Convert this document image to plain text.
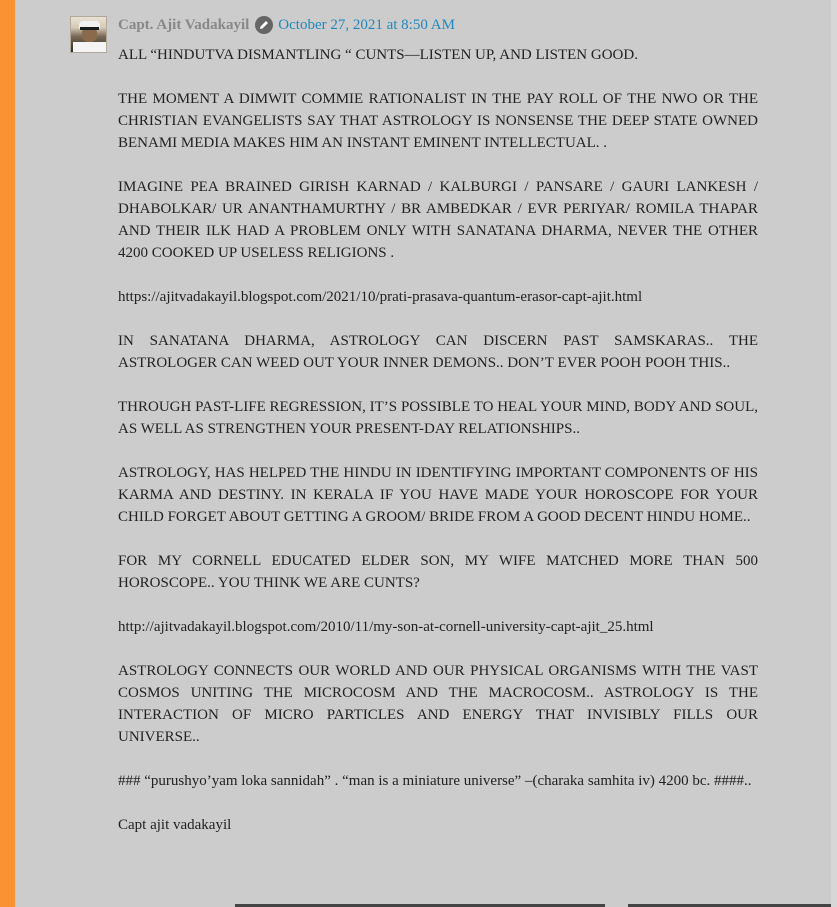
Capt. Ajit Vadakayil October 27, 2021 at 8:50 AM

ALL “HINDUTVA DISMANTLING “ CUNTS—LISTEN UP, AND LISTEN GOOD.

THE MOMENT A DIMWIT COMMIE RATIONALIST IN THE PAY ROLL OF THE NWO OR THE CHRISTIAN EVANGELISTS SAY THAT ASTROLOGY IS NONSENSE THE DEEP STATE OWNED BENAMI MEDIA MAKES HIM AN INSTANT EMINENT INTELLECTUAL. .

IMAGINE PEA BRAINED GIRISH KARNAD / KALBURGI / PANSARE / GAURI LANKESH / DHABOLKAR/ UR ANANTHAMURTHY / BR AMBEDKAR / EVR PERIYAR/ ROMILA THAPAR AND THEIR ILK HAD A PROBLEM ONLY WITH SANATANA DHARMA, NEVER THE OTHER 4200 COOKED UP USELESS RELIGIONS .

https://ajitvadakayil.blogspot.com/2021/10/prati-prasava-quantum-erasor-capt-ajit.html

IN SANATANA DHARMA, ASTROLOGY CAN DISCERN PAST SAMSKARAS.. THE ASTROLOGER CAN WEED OUT YOUR INNER DEMONS.. DON’T EVER POOH POOH THIS..

THROUGH PAST-LIFE REGRESSION, IT’S POSSIBLE TO HEAL YOUR MIND, BODY AND SOUL, AS WELL AS STRENGTHEN YOUR PRESENT-DAY RELATIONSHIPS..

ASTROLOGY, HAS HELPED THE HINDU IN IDENTIFYING IMPORTANT COMPONENTS OF HIS KARMA AND DESTINY. IN KERALA IF YOU HAVE MADE YOUR HOROSCOPE FOR YOUR CHILD FORGET ABOUT GETTING A GROOM/ BRIDE FROM A GOOD DECENT HINDU HOME..

FOR MY CORNELL EDUCATED ELDER SON, MY WIFE MATCHED MORE THAN 500 HOROSCOPE.. YOU THINK WE ARE CUNTS?

http://ajitvadakayil.blogspot.com/2010/11/my-son-at-cornell-university-capt-ajit_25.html

ASTROLOGY CONNECTS OUR WORLD AND OUR PHYSICAL ORGANISMS WITH THE VAST COSMOS UNITING THE MICROCOSM AND THE MACROCOSM.. ASTROLOGY IS THE INTERACTION OF MICRO PARTICLES AND ENERGY THAT INVISIBLY FILLS OUR UNIVERSE..

### “purushyo’yam loka sannidah” . “man is a miniature universe” –(charaka samhita iv) 4200 bc. ####..

Capt ajit vadakayil
